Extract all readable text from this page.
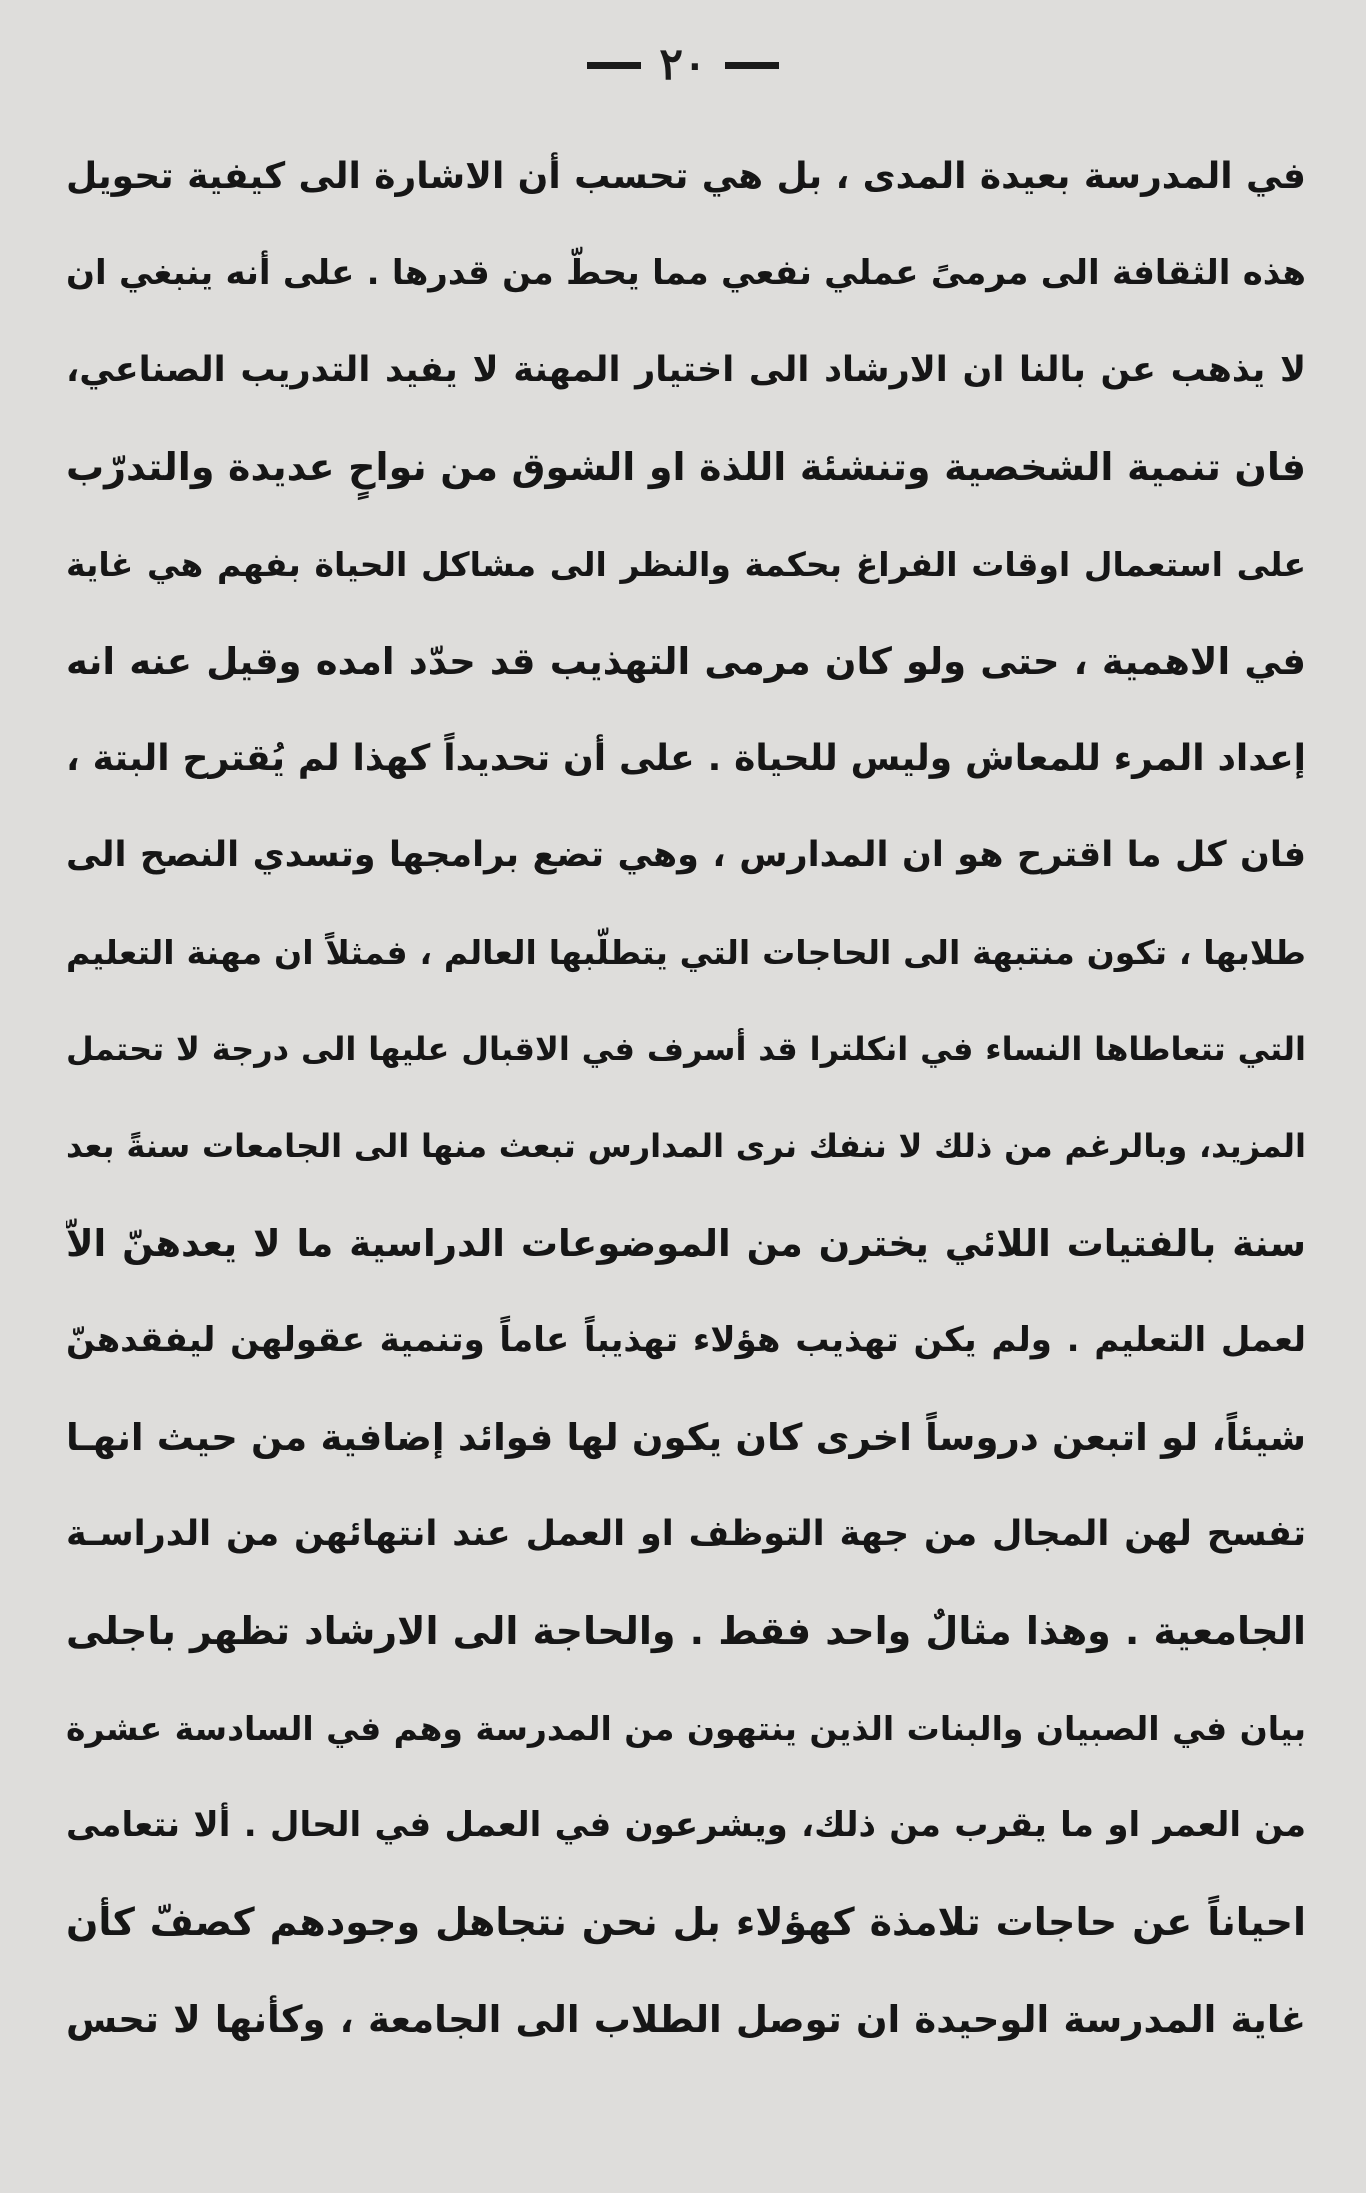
٢٠
في المدرسة بعيدة المدى ، بل هي تحسب أن الاشارة الى كيفية تحويل
هذه الثقافة الى مرمىً عملي نفعي مما يحطّ من قدرها . على أنه ينبغي ان
لا يذهب عن بالنا ان الارشاد الى اختيار المهنة لا يفيد التدريب الصناعي،
فان تنمية الشخصية وتنشئة اللذة او الشوق من نواحٍ عديدة والتدرّب
على استعمال اوقات الفراغ بحكمة والنظر الى مشاكل الحياة بفهم هي غاية
في الاهمية ، حتى ولو كان مرمى التهذيب قد حدّد امده وقيل عنه انه
إعداد المرء للمعاش وليس للحياة . على أن تحديداً كهذا لم يُقترح البتة ،
فان كل ما اقترح هو ان المدارس ، وهي تضع برامجها وتسدي النصح الى
طلابها ، تكون منتبهة الى الحاجات التي يتطلّبها العالم ، فمثلاً ان مهنة التعليم
التي تتعاطاها النساء في انكلترا قد أسرف في الاقبال عليها الى درجة لا تحتمل
المزيد، وبالرغم من ذلك لا ننفك نرى المدارس تبعث منها الى الجامعات سنةً بعد
سنة بالفتيات اللائي يخترن من الموضوعات الدراسية ما لا يعدهنّ الاّ
لعمل التعليم . ولم يكن تهذيب هؤلاء تهذيباً عاماً وتنمية عقولهن ليفقدهنّ
شيئاً، لو اتبعن دروساً اخرى كان يكون لها فوائد إضافية من حيث انهـا
تفسح لهن المجال من جهة التوظف او العمل عند انتهائهن من الدراسـة
الجامعية . وهذا مثالٌ واحد فقط . والحاجة الى الارشاد تظهر باجلى
بيان في الصبيان والبنات الذين ينتهون من المدرسة وهم في السادسة عشرة
من العمر او ما يقرب من ذلك، ويشرعون في العمل في الحال . ألا نتعامى
احياناً عن حاجات تلامذة كهؤلاء بل نحن نتجاهل وجودهم كصفّ كأن
غاية المدرسة الوحيدة ان توصل الطلاب الى الجامعة ، وكأنها لا تحس
